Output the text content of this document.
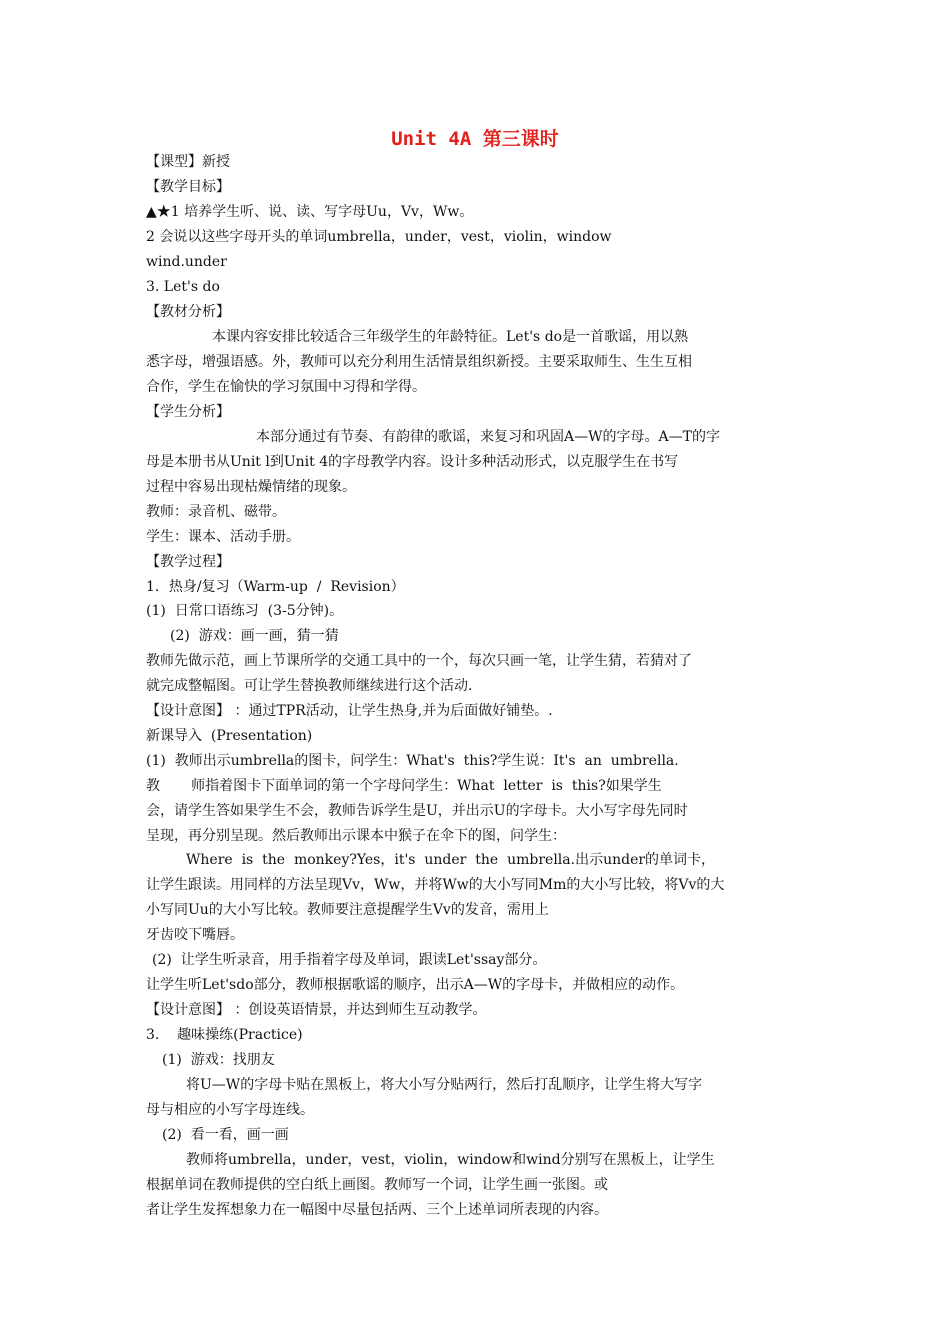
Unit 4A 第三课时
【课型】新授
【教学目标】
▲★1 培养学生听、说、读、写字母Uu，Vv，Ww。
2 会说以这些字母开头的单词umbrella，under，vest，violin，window
wind.under
3. Let's do
【教材分析】
本课内容安排比较适合三年级学生的年龄特征。Let's do是一首歌谣，用以熟
悉字母，增强语感。外，教师可以充分利用生活情景组织新授。主要采取师生、生生互相
合作，学生在愉快的学习氛围中习得和学得。
【学生分析】
本部分通过有节奏、有韵律的歌谣，来复习和巩固A—W的字母。A—T的字
母是本册书从Unit l到Unit 4的字母教学内容。设计多种活动形式，以克服学生在书写
过程中容易出现枯燥情绪的现象。
教师：录音机、磁带。
学生：课本、活动手册。
【教学过程】
1．热身/复习（Warm-up  /  Revision）
(1)  日常口语练习  (3-5分钟)。
(2)  游戏：画一画，猜一猜
教师先做示范，画上节课所学的交通工具中的一个，每次只画一笔，让学生猜，若猜对了
就完成整幅图。可让学生替换教师继续进行这个活动.
【设计意图】 ：通过TPR活动，让学生热身,并为后面做好铺垫。.
新课导入  (Presentation)
(1)  教师出示umbrella的图卡，问学生：What's  this?学生说：It's  an  umbrella.
教       师指着图卡下面单词的第一个字母问学生：What  letter  is  this?如果学生
会，请学生答如果学生不会，教师告诉学生是U，并出示U的字母卡。大小写字母先同时
呈现，再分别呈现。然后教师出示课本中猴子在伞下的图，问学生：
Where  is  the  monkey?Yes，it's  under  the  umbrella.出示under的单词卡，
让学生跟读。用同样的方法呈现Vv，Ww，并将Ww的大小写同Mm的大小写比较，将Vv的大
小写同Uu的大小写比较。教师要注意提醒学生Vv的发音，需用上
牙齿咬下嘴唇。
(2)  让学生听录音，用手指着字母及单词，跟读Let'ssay部分。
让学生听Let'sdo部分，教师根据歌谣的顺序，出示A—W的字母卡，并做相应的动作。
【设计意图】 ：创设英语情景，并达到师生互动教学。
3.    趣味操练(Practice)
(1)  游戏：找朋友
将U—W的字母卡贴在黑板上，将大小写分贴两行，然后打乱顺序，让学生将大写字
母与相应的小写字母连线。
(2)  看一看，画一画
教师将umbrella，under，vest，violin，window和wind分别写在黑板上，让学生
根据单词在教师提供的空白纸上画图。教师写一个词，让学生画一张图。或
者让学生发挥想象力在一幅图中尽量包括两、三个上述单词所表现的内容。
